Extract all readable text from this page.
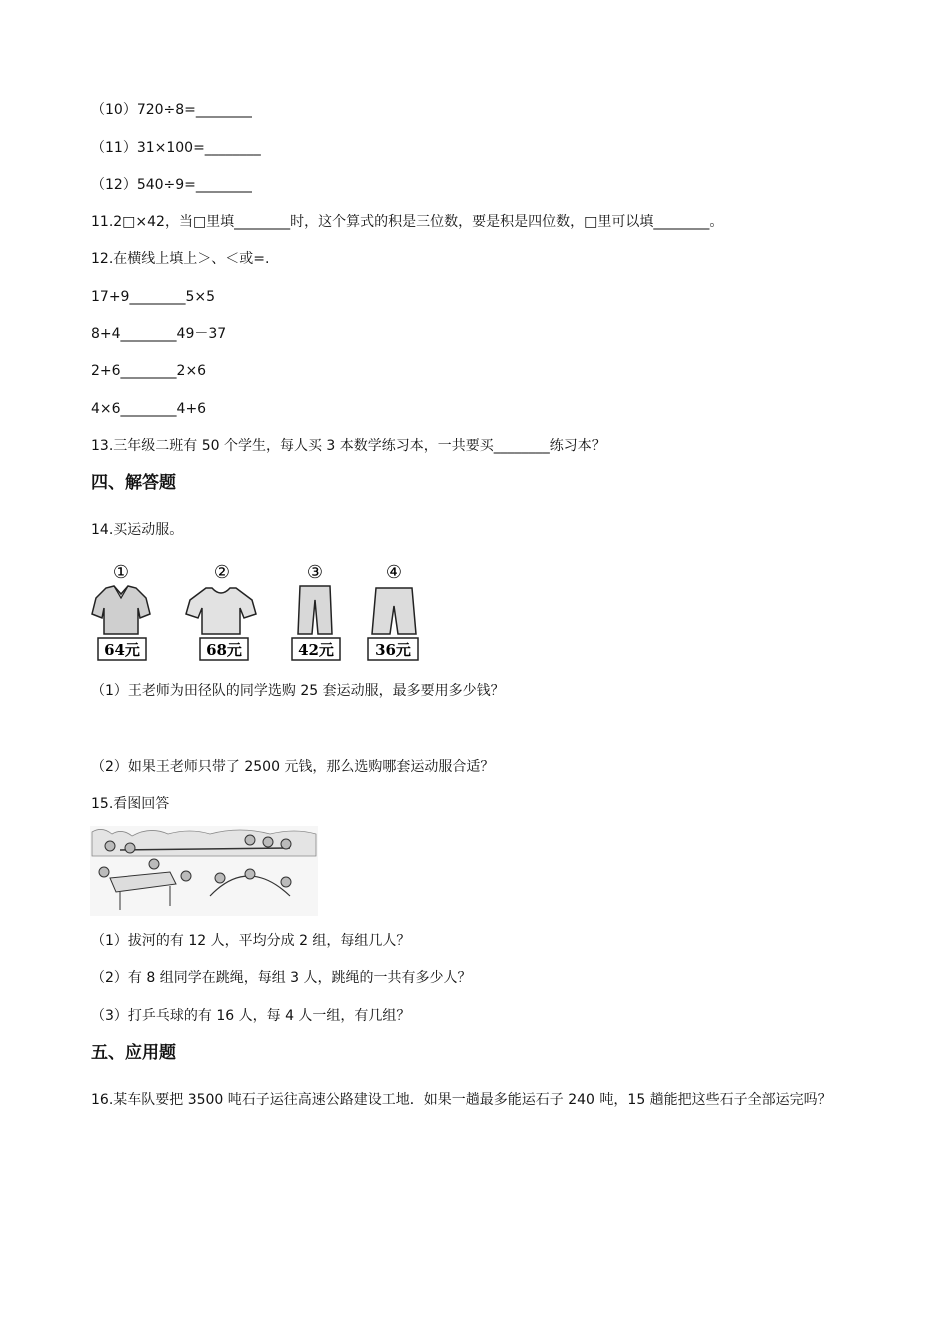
（10）720÷8=________
（11）31×100=________
（12）540÷9=________
11.2□×42，当□里填________时，这个算式的积是三位数，要是积是四位数，□里可以填________。
12.在横线上填上＞、＜或=.
17+9________5×5
8+4________49－37
2+6________2×6
4×6________4+6
13.三年级二班有 50 个学生，每人买 3 本数学练习本，一共要买________练习本？
四、解答题
14.买运动服。
①
64元
②
68元
③
42元
④
36元
（1）王老师为田径队的同学选购 25 套运动服，最多要用多少钱？
（2）如果王老师只带了 2500 元钱，那么选购哪套运动服合适？
15.看图回答
（1）拔河的有 12 人，平均分成 2 组，每组几人？
（2）有 8 组同学在跳绳，每组 3 人，跳绳的一共有多少人？
（3）打乒乓球的有 16 人，每 4 人一组，有几组？
五、应用题
16.某车队要把 3500 吨石子运往高速公路建设工地．如果一趟最多能运石子 240 吨，15 趟能把这些石子全部运完吗？
